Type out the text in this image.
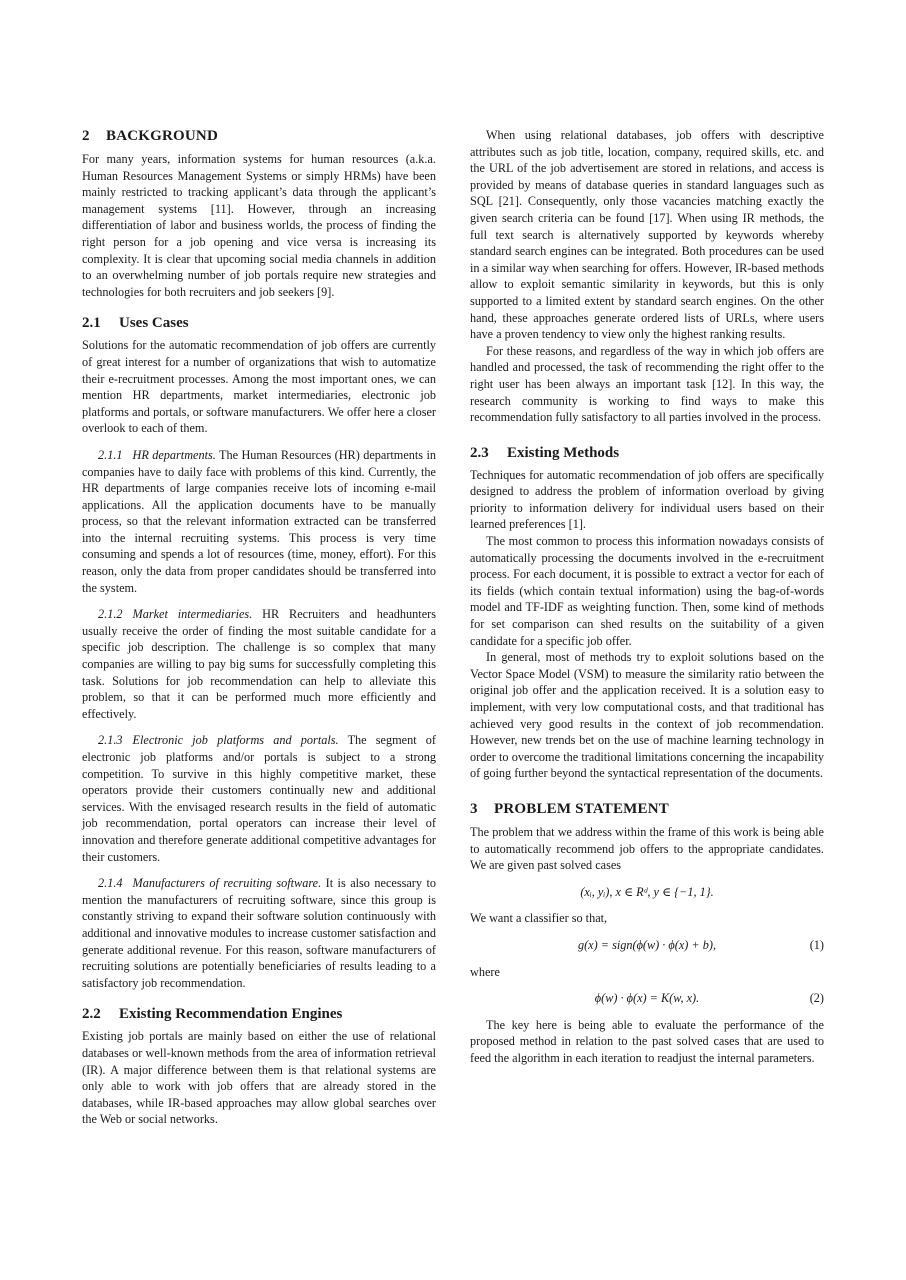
2 BACKGROUND

For many years, information systems for human resources (a.k.a. Human Resources Management Systems or simply HRMs) have been mainly restricted to tracking applicant’s data through the applicant’s management systems [11]. However, through an increasing differentiation of labor and business worlds, the process of finding the right person for a job opening and vice versa is increasing its complexity. It is clear that upcoming social media channels in addition to an overwhelming number of job portals require new strategies and technologies for both recruiters and job seekers [9].

2.1 Uses Cases

Solutions for the automatic recommendation of job offers are currently of great interest for a number of organizations that wish to automatize their e-recruitment processes. Among the most important ones, we can mention HR departments, market intermediaries, electronic job platforms and portals, or software manufacturers. We offer here a closer overlook to each of them.

2.1.1 HR departments. The Human Resources (HR) departments in companies have to daily face with problems of this kind. Currently, the HR departments of large companies receive lots of incoming e-mail applications. All the application documents have to be manually process, so that the relevant information extracted can be transferred into the internal recruiting systems. This process is very time consuming and spends a lot of resources (time, money, effort). For this reason, only the data from proper candidates should be transferred into the system.

2.1.2 Market intermediaries. HR Recruiters and headhunters usually receive the order of finding the most suitable candidate for a specific job description. The challenge is so complex that many companies are willing to pay big sums for successfully completing this task. Solutions for job recommendation can help to alleviate this problem, so that it can be performed much more efficiently and effectively.

2.1.3 Electronic job platforms and portals. The segment of electronic job platforms and/or portals is subject to a strong competition. To survive in this highly competitive market, these operators provide their customers continually new and additional services. With the envisaged research results in the field of automatic job recommendation, portal operators can increase their level of innovation and therefore generate additional competitive advantages for their customers.

2.1.4 Manufacturers of recruiting software. It is also necessary to mention the manufacturers of recruiting software, since this group is constantly striving to expand their software solution continuously with additional and innovative modules to increase customer satisfaction and generate additional revenue. For this reason, software manufacturers of recruiting solutions are potentially beneficiaries of results leading to a satisfactory job recommendation.

2.2 Existing Recommendation Engines

Existing job portals are mainly based on either the use of relational databases or well-known methods from the area of information retrieval (IR). A major difference between them is that relational systems are only able to work with job offers that are already stored in the databases, while IR-based approaches may allow global searches over the Web or social networks.

When using relational databases, job offers with descriptive attributes such as job title, location, company, required skills, etc. and the URL of the job advertisement are stored in relations, and access is provided by means of database queries in standard languages such as SQL [21]. Consequently, only those vacancies matching exactly the given search criteria can be found [17]. When using IR methods, the full text search is alternatively supported by keywords whereby standard search engines can be integrated. Both procedures can be used in a similar way when searching for offers. However, IR-based methods allow to exploit semantic similarity in keywords, but this is only supported to a limited extent by standard search engines. On the other hand, these approaches generate ordered lists of URLs, where users have a proven tendency to view only the highest ranking results.

For these reasons, and regardless of the way in which job offers are handled and processed, the task of recommending the right offer to the right user has been always an important task [12]. In this way, the research community is working to find ways to make this recommendation fully satisfactory to all parties involved in the process.

2.3 Existing Methods

Techniques for automatic recommendation of job offers are specifically designed to address the problem of information overload by giving priority to information delivery for individual users based on their learned preferences [1].

The most common to process this information nowadays consists of automatically processing the documents involved in the e-recruitment process. For each document, it is possible to extract a vector for each of its fields (which contain textual information) using the bag-of-words model and TF-IDF as weighting function. Then, some kind of methods for set comparison can shed results on the suitability of a given candidate for a specific job offer.

In general, most of methods try to exploit solutions based on the Vector Space Model (VSM) to measure the similarity ratio between the original job offer and the application received. It is a solution easy to implement, with very low computational costs, and that traditional has achieved very good results in the context of job recommendation. However, new trends bet on the use of machine learning technology in order to overcome the traditional limitations concerning the incapability of going further beyond the syntactical representation of the documents.

3 PROBLEM STATEMENT

The problem that we address within the frame of this work is being able to automatically recommend job offers to the appropriate candidates. We are given past solved cases

(xᵢ, yᵢ), x ∈ Rᵈ, y ∈ {−1, 1}.

We want a classifier so that,

g(x) = sign(ϕ(w) · ϕ(x) + b),	(1)

where

ϕ(w) · ϕ(x) = K(w, x).	(2)

The key here is being able to evaluate the performance of the proposed method in relation to the past solved cases that are used to feed the algorithm in each iteration to readjust the internal parameters.
